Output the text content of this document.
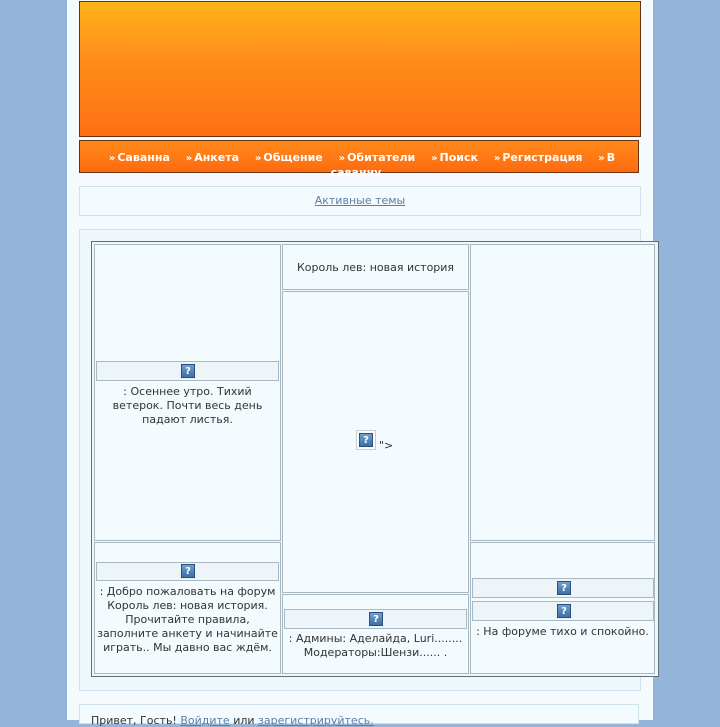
» Саванна » Анкета » Общение » Обитатели » Поиск » Регистрация » В саванну
Активные темы
?
: Осеннее утро. Тихий ветерок. Почти весь день падают листья.
Король лев: новая история
? ">
?
: Добро пожаловать на форум Король лев: новая история. Прочитайте правила, заполните анкету и начинайте играть.. Мы давно вас ждём.
?
: Админы: Аделайда, Luri........ Модераторы:Шензи...... .
?
?
: На форуме тихо и спокойно.
Привет, Гость! Войдите или зарегистрируйтесь.
